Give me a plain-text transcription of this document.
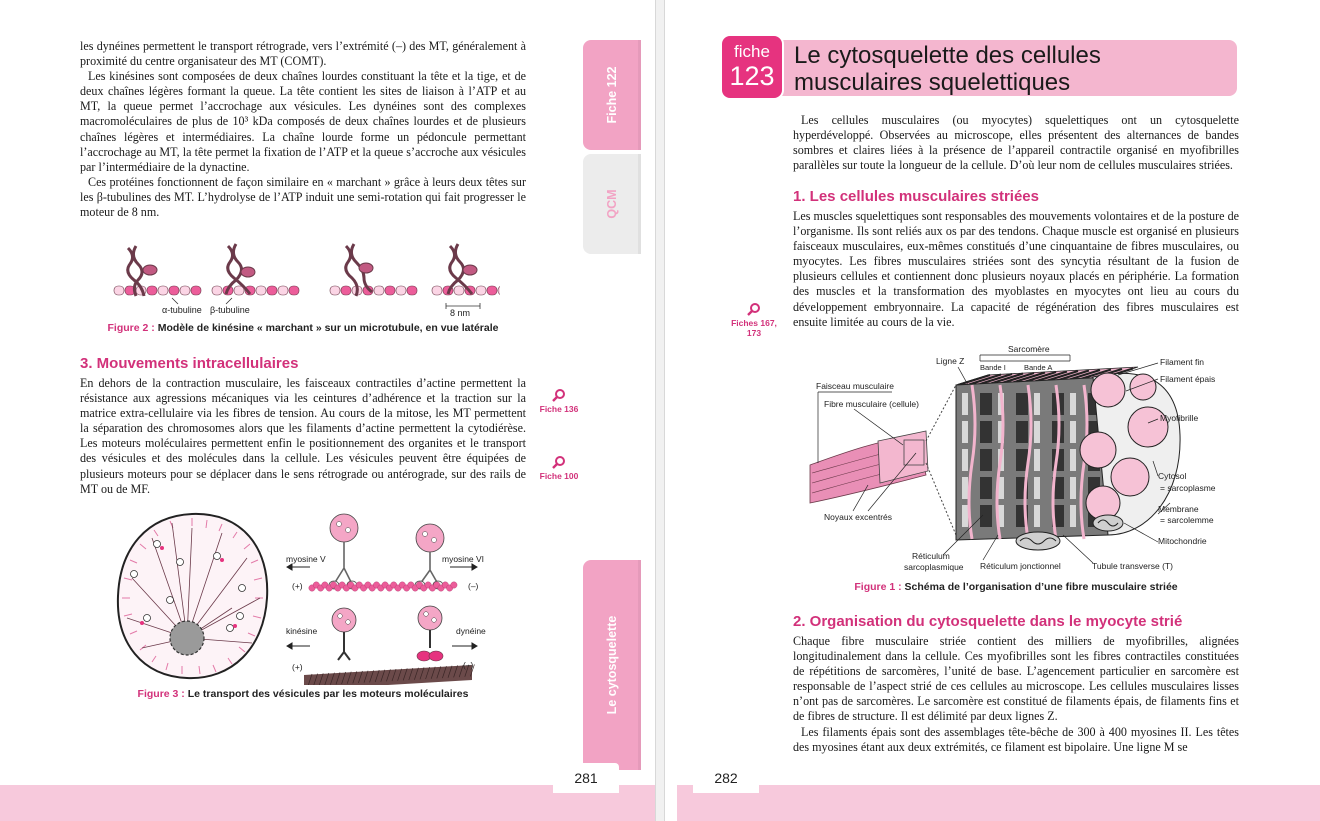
les dynéines permettent le transport rétrograde, vers l’extrémité (–) des MT, généralement à proximité du centre organisateur des MT (COMT).

Les kinésines sont composées de deux chaînes lourdes constituant la tête et la tige, et de deux chaînes légères formant la queue. La tête contient les sites de liaison à l’ATP et au MT, la queue permet l’accrochage aux vésicules. Les dynéines sont des complexes macromoléculaires de plus de 10³ kDa composés de deux chaînes lourdes et de plusieurs chaînes légères et intermédiaires. La chaîne lourde forme un pédoncule permettant l’accrochage au MT, la tête permet la fixation de l’ATP et la queue s’accroche aux vésicules par l’intermédiaire de la dynactine.

Ces protéines fonctionnent de façon similaire en « marchant » grâce à leurs deux têtes sur les β-tubulines des MT. L’hydrolyse de l’ATP induit une semi-rotation qui fait progresser le moteur de 8 nm.

α-tubuline β-tubuline	8 nm
Figure 2 : Modèle de kinésine « marchant » sur un microtubule, en vue latérale
3. Mouvements intracellulaires

En dehors de la contraction musculaire, les faisceaux contractiles d’actine permettent la résistance aux agressions mécaniques via les ceintures d’adhérence et la traction sur la matrice extra-cellulaire via les fibres de tension. Au cours de la mitose, les MT permettent la séparation des chromosomes alors que les filaments d’actine permettent la cytodiérèse. Les moteurs moléculaires permettent enfin le positionnement des organites et le transport des vésicules et des molécules dans la cellule. Les vésicules peuvent être équipées de plusieurs moteurs pour se déplacer dans le sens rétrograde ou antérograde, sur des rails de MT ou de MF.

Fiche 136
Fiche 100
myosine V	myosine VI
(+)	(–)
kinésine	dynéine
(+)	(–)
Figure 3 : Le transport des vésicules par les moteurs moléculaires
Fiche 122
QCM
Le cytosquelette
281
fiche
123
Le cytosquelette des cellules musculaires squelettiques

Les cellules musculaires (ou myocytes) squelettiques ont un cytosquelette hyperdéveloppé. Observées au microscope, elles présentent des alternances de bandes sombres et claires liées à la présence de l’appareil contractile organisé en myofibrilles parallèles sur toute la longueur de la cellule. D’où leur nom de cellules musculaires striées.

1. Les cellules musculaires striées

Les muscles squelettiques sont responsables des mouvements volontaires et de la posture de l’organisme. Ils sont reliés aux os par des tendons. Chaque muscle est organisé en plusieurs faisceaux musculaires, eux-mêmes constitués d’une cinquantaine de fibres musculaires, ou myocytes. Les fibres musculaires striées sont des syncytia résultant de la fusion de plusieurs cellules et contiennent donc plusieurs noyaux placés en périphérie. La formation des muscles et la transformation des myoblastes en myocytes ont lieu au cours du développement embryonnaire. La capacité de régénération des fibres musculaires est ensuite limitée au cours de la vie.

Fiches 167, 173
Ligne Z
Sarcomère
Bande I Bande A
Filament fin
Filament épais
Faisceau musculaire
Fibre musculaire (cellule)
Myofibrille
Cytosol
= sarcoplasme
Membrane
= sarcolemme
Noyaux excentrés
Mitochondrie
Réticulum
sarcoplasmique Réticulum jonctionnel	Tubule transverse (T)
Figure 1 : Schéma de l’organisation d’une fibre musculaire striée
2. Organisation du cytosquelette dans le myocyte strié

Chaque fibre musculaire striée contient des milliers de myofibrilles, alignées longitudinalement dans la cellule. Ces myofibrilles sont les fibres contractiles constituées de répétitions de sarcomères, l’unité de base. L’agencement particulier en sarcomère est responsable de l’aspect strié de ces cellules au microscope. Les cellules musculaires lisses n’ont pas de sarcomères. Le sarcomère est constitué de filaments épais, de filaments fins et de fibres de structure. Il est délimité par deux lignes Z.

Les filaments épais sont des assemblages tête-bêche de 300 à 400 myosines II. Les têtes des myosines étant aux deux extrémités, ce filament est bipolaire. Une ligne M se

282
